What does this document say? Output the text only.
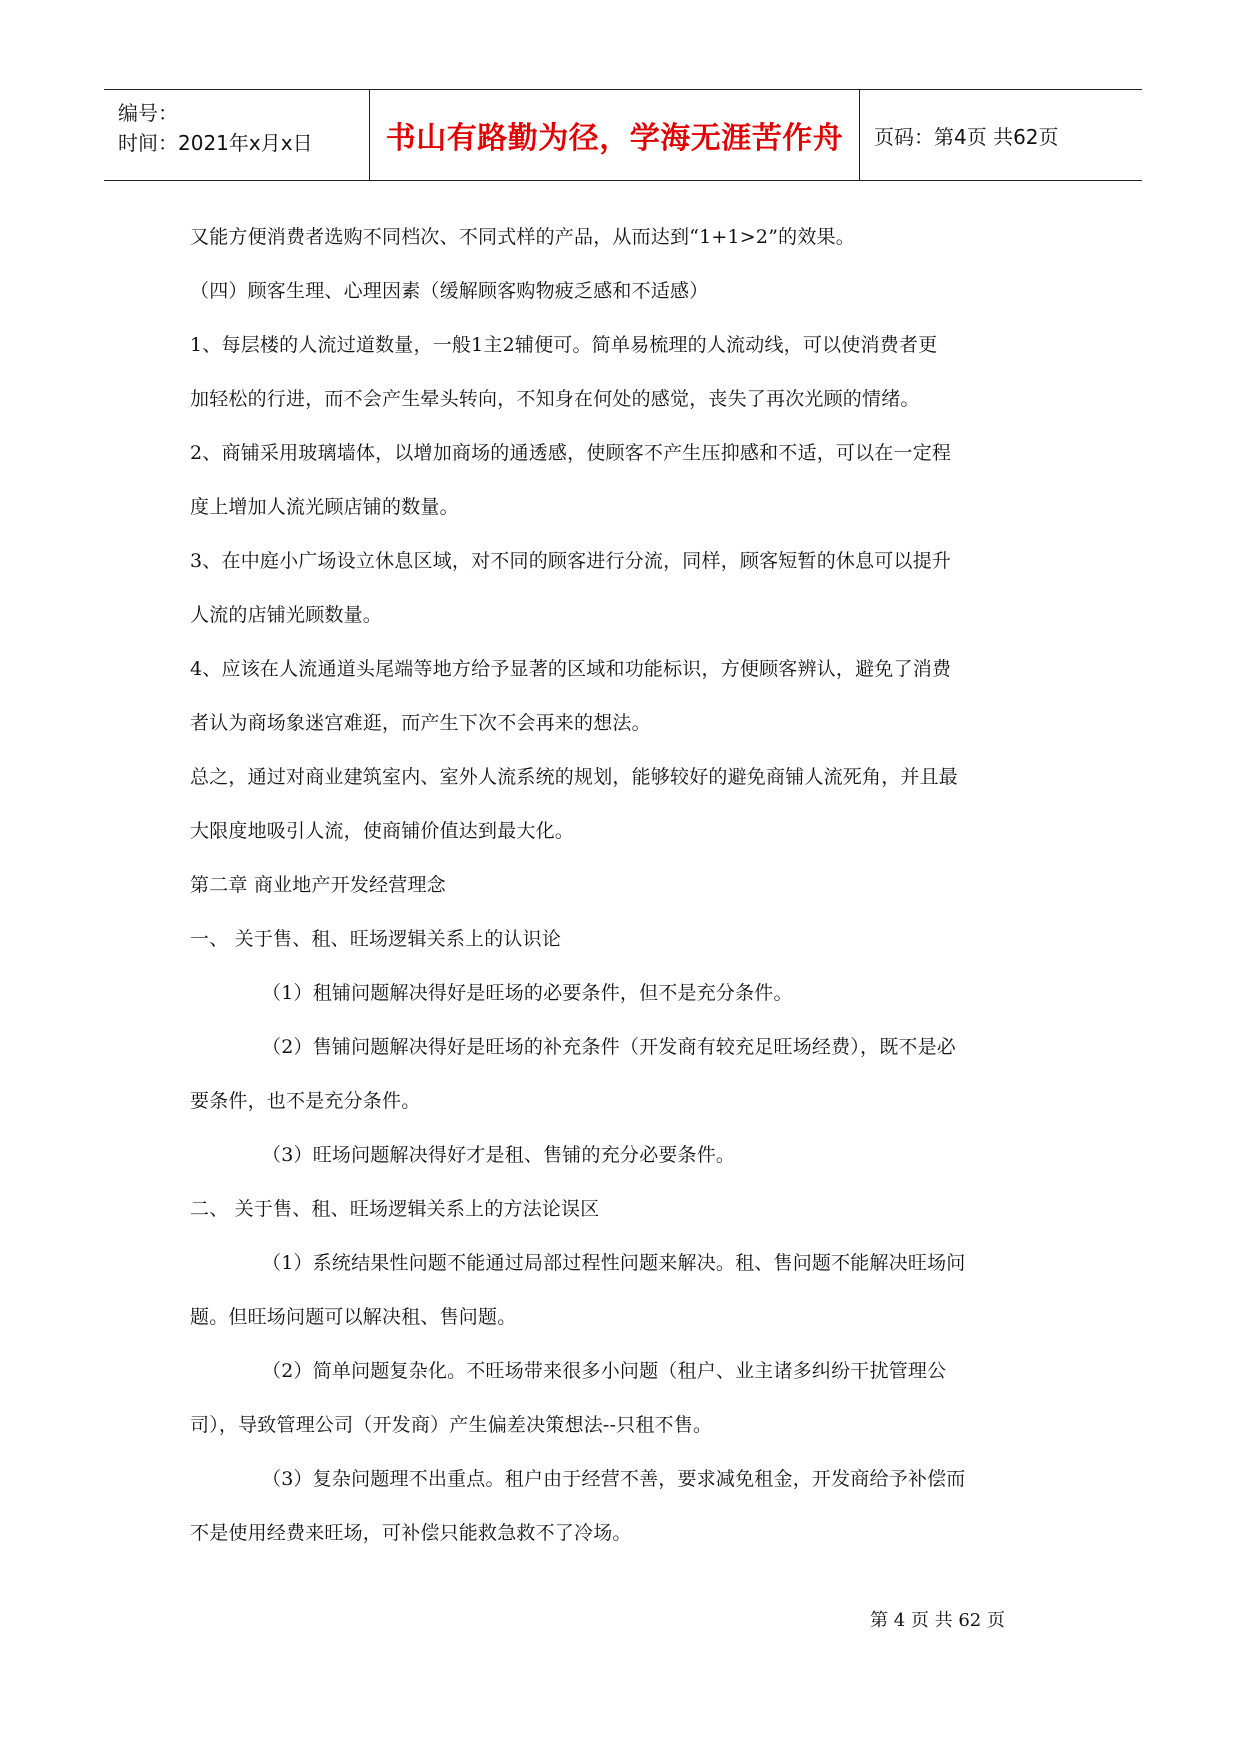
编号：
时间：2021年x月x日	书山有路勤为径，学海无涯苦作舟 页码：第4页 共62页
又能方便消费者选购不同档次、不同式样的产品，从而达到“1+1>2”的效果。
（四）顾客生理、心理因素（缓解顾客购物疲乏感和不适感）
1、每层楼的人流过道数量，一般1主2辅便可。简单易梳理的人流动线，可以使消费者更
加轻松的行进，而不会产生晕头转向，不知身在何处的感觉，丧失了再次光顾的情绪。
2、商铺采用玻璃墙体，以增加商场的通透感，使顾客不产生压抑感和不适，可以在一定程
度上增加人流光顾店铺的数量。
3、在中庭小广场设立休息区域，对不同的顾客进行分流，同样，顾客短暂的休息可以提升
人流的店铺光顾数量。
4、应该在人流通道头尾端等地方给予显著的区域和功能标识，方便顾客辨认，避免了消费
者认为商场象迷宫难逛，而产生下次不会再来的想法。
总之，通过对商业建筑室内、室外人流系统的规划，能够较好的避免商铺人流死角，并且最
大限度地吸引人流，使商铺价值达到最大化。
第二章 商业地产开发经营理念
一、 关于售、租、旺场逻辑关系上的认识论
（1）租铺问题解决得好是旺场的必要条件，但不是充分条件。
（2）售铺问题解决得好是旺场的补充条件（开发商有较充足旺场经费），既不是必
要条件，也不是充分条件。
（3）旺场问题解决得好才是租、售铺的充分必要条件。
二、 关于售、租、旺场逻辑关系上的方法论误区
（1）系统结果性问题不能通过局部过程性问题来解决。租、售问题不能解决旺场问
题。但旺场问题可以解决租、售问题。
（2）简单问题复杂化。不旺场带来很多小问题（租户、业主诸多纠纷干扰管理公
司），导致管理公司（开发商）产生偏差决策想法--只租不售。
（3）复杂问题理不出重点。租户由于经营不善，要求减免租金，开发商给予补偿而
不是使用经费来旺场，可补偿只能救急救不了冷场。
第 4 页 共 62 页
